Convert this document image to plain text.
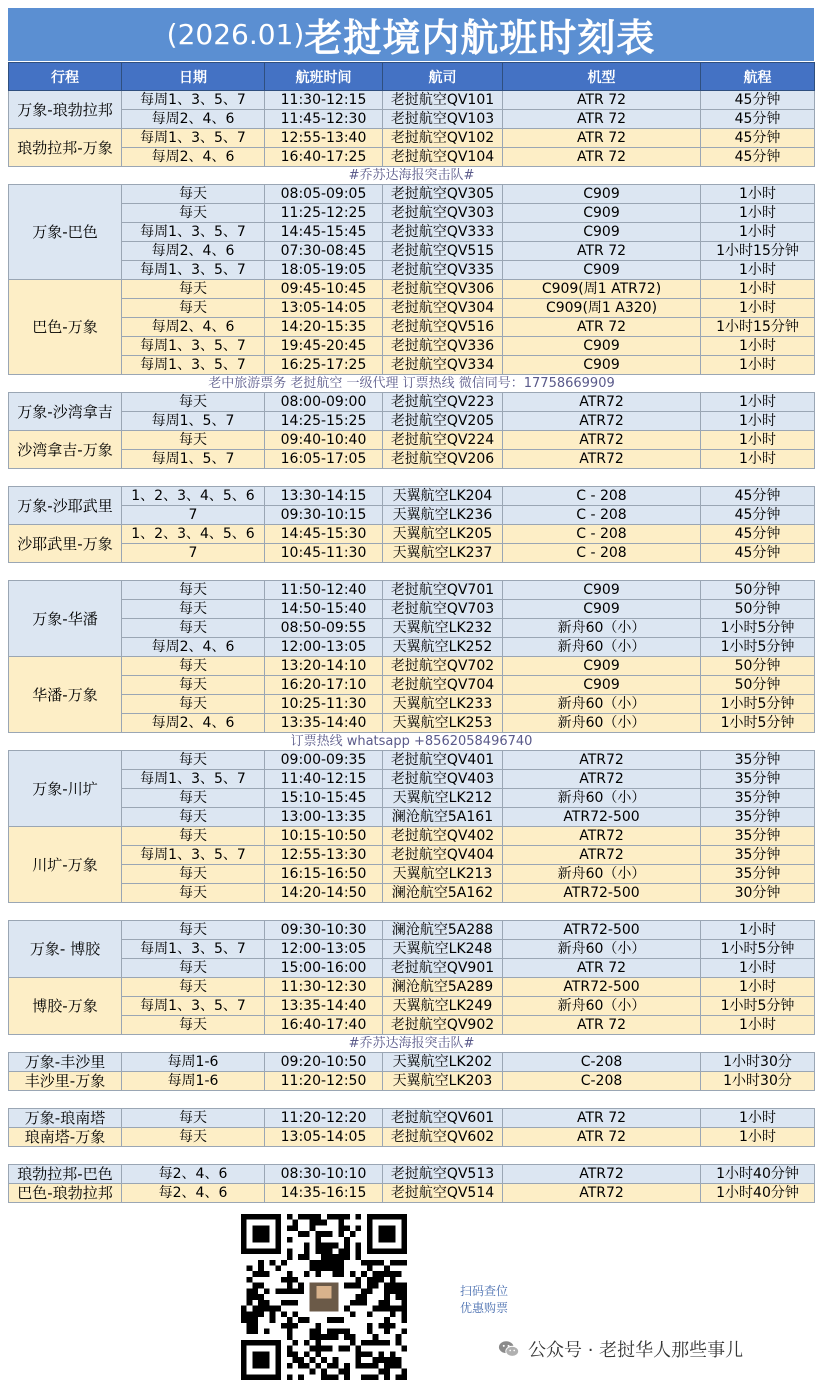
(2026.01) 老挝境内航班时刻表
行程	日期	航班时间	航司	机型	航程
万象-琅勃拉邦	每周1、3、5、7	11:30-12:15	老挝航空QV101	ATR 72	45分钟
	每周2、4、6	11:45-12:30	老挝航空QV103	ATR 72	45分钟
琅勃拉邦-万象	每周1、3、5、7	12:55-13:40	老挝航空QV102	ATR 72	45分钟
	每周2、4、6	16:40-17:25	老挝航空QV104	ATR 72	45分钟
#乔苏达海报突击队#					
万象-巴色	每天	08:05-09:05	老挝航空QV305	C909	1小时
	每天	11:25-12:25	老挝航空QV303	C909	1小时
	每周1、3、5、7	14:45-15:45	老挝航空QV333	C909	1小时
	每周2、4、6	07:30-08:45	老挝航空QV515	ATR 72	1小时15分钟
	每周1、3、5、7	18:05-19:05	老挝航空QV335	C909	1小时
巴色-万象	每天	09:45-10:45	老挝航空QV306	C909(周1 ATR72)	1小时
	每天	13:05-14:05	老挝航空QV304	C909(周1 A320)	1小时
	每周2、4、6	14:20-15:35	老挝航空QV516	ATR 72	1小时15分钟
	每周1、3、5、7	19:45-20:45	老挝航空QV336	C909	1小时
	每周1、3、5、7	16:25-17:25	老挝航空QV334	C909	1小时
老中旅游票务 老挝航空 一级代理 订票热线 微信同号：17758669909					
万象-沙湾拿吉	每天	08:00-09:00	老挝航空QV223	ATR72	1小时
	每周1、5、7	14:25-15:25	老挝航空QV205	ATR72	1小时
沙湾拿吉-万象	每天	09:40-10:40	老挝航空QV224	ATR72	1小时
	每周1、5、7	16:05-17:05	老挝航空QV206	ATR72	1小时

万象-沙耶武里	1、2、3、4、5、6	13:30-14:15	天翼航空LK204	C - 208	45分钟
	7	09:30-10:15	天翼航空LK236	C - 208	45分钟
沙耶武里-万象	1、2、3、4、5、6	14:45-15:30	天翼航空LK205	C - 208	45分钟
	7	10:45-11:30	天翼航空LK237	C - 208	45分钟

万象-华潘	每天	11:50-12:40	老挝航空QV701	C909	50分钟
	每天	14:50-15:40	老挝航空QV703	C909	50分钟
	每天	08:50-09:55	天翼航空LK232	新舟60（小）	1小时5分钟
	每周2、4、6	12:00-13:05	天翼航空LK252	新舟60（小）	1小时5分钟
华潘-万象	每天	13:20-14:10	老挝航空QV702	C909	50分钟
	每天	16:20-17:10	老挝航空QV704	C909	50分钟
	每天	10:25-11:30	天翼航空LK233	新舟60（小）	1小时5分钟
	每周2、4、6	13:35-14:40	天翼航空LK253	新舟60（小）	1小时5分钟
订票热线 whatsapp +8562058496740					
万象-川圹	每天	09:00-09:35	老挝航空QV401	ATR72	35分钟
	每周1、3、5、7	11:40-12:15	老挝航空QV403	ATR72	35分钟
	每天	15:10-15:45	天翼航空LK212	新舟60（小）	35分钟
	每天	13:00-13:35	澜沧航空5A161	ATR72-500	35分钟
川圹-万象	每天	10:15-10:50	老挝航空QV402	ATR72	35分钟
	每周1、3、5、7	12:55-13:30	老挝航空QV404	ATR72	35分钟
	每天	16:15-16:50	天翼航空LK213	新舟60（小）	35分钟
	每天	14:20-14:50	澜沧航空5A162	ATR72-500	30分钟

万象- 博胶	每天	09:30-10:30	澜沧航空5A288	ATR72-500	1小时
	每周1、3、5、7	12:00-13:05	天翼航空LK248	新舟60（小）	1小时5分钟
	每天	15:00-16:00	老挝航空QV901	ATR 72	1小时
博胶-万象	每天	11:30-12:30	澜沧航空5A289	ATR72-500	1小时
	每周1、3、5、7	13:35-14:40	天翼航空LK249	新舟60（小）	1小时5分钟
	每天	16:40-17:40	老挝航空QV902	ATR 72	1小时
#乔苏达海报突击队#					
万象-丰沙里	每周1-6	09:20-10:50	天翼航空LK202	C-208	1小时30分
丰沙里-万象	每周1-6	11:20-12:50	天翼航空LK203	C-208	1小时30分

万象-琅南塔	每天	11:20-12:20	老挝航空QV601	ATR 72	1小时
琅南塔-万象	每天	13:05-14:05	老挝航空QV602	ATR 72	1小时

琅勃拉邦-巴色	每2、4、6	08:30-10:10	老挝航空QV513	ATR72	1小时40分钟
巴色-琅勃拉邦	每2、4、6	14:35-16:15	老挝航空QV514	ATR72	1小时40分钟
扫码查位
优惠购票
公众号 · 老挝华人那些事儿
